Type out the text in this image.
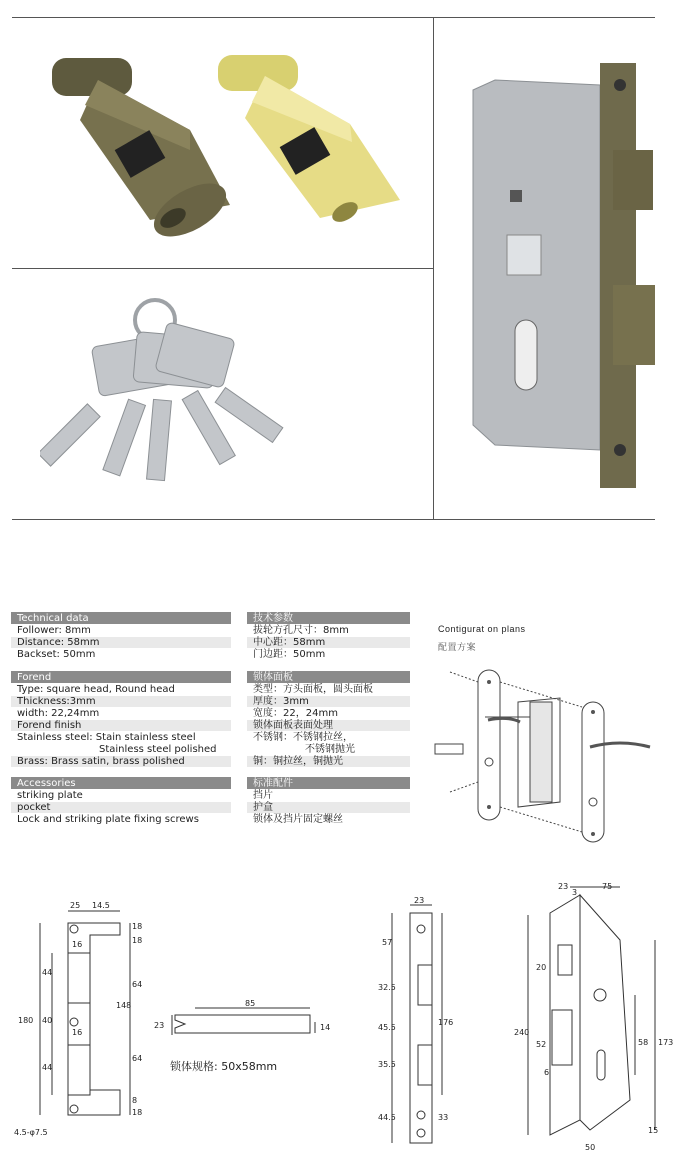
Technical data
Follower: 8mm
Distance: 58mm
Backset: 50mm
技术参数
拔轮方孔尺寸：8mm
中心距：58mm
门边距：50mm
Forend
Type: square head, Round head
Thickness:3mm
width: 22,24mm
Forend finish
Stainless steel: Stain stainless steel
Stainless steel polished
Brass: Brass satin, brass polished
锁体面板
类型：方头面板，圆头面板
厚度：3mm
宽度：22，24mm
锁体面板表面处理
不锈钢：不锈钢拉丝，
不锈钢抛光
铜：铜拉丝，铜抛光
Accessories
striking plate
pocket
Lock and striking plate fixing screws
标准配件
挡片
护盒
锁体及挡片固定螺丝
Contigurat on plans
配置方案
25 14.5
18
18
64
148
64
8
18
180
44
40
44
16
16
4.5-φ7.5
85
23	14
锁体规格: 50x58mm
23
57
32.5
45.5
35.5
44.5
176
33
23
3
75
240
20
52
6
58 173
15
50
